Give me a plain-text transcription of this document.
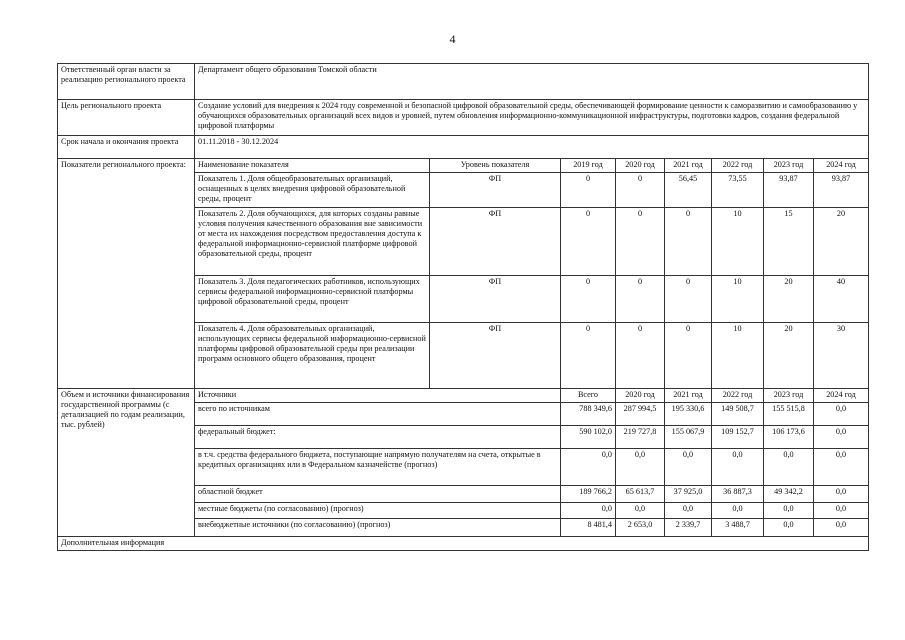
4
Ответственный орган власти за реализацию регионального проекта	Департамент общего образования Томской области							
Цель регионального проекта	Создание условий для внедрения к 2024 году современной и безопасной цифровой образовательной среды, обеспечивающей формирование ценности к саморазвитию и самообразованию у обучающихся образовательных организаций всех видов и уровней, путем обновления информационно-коммуникационной инфраструктуры, подготовки кадров, создания федеральной цифровой платформы							
Срок начала и окончания проекта	01.11.2018 - 30.12.2024							
Показатели регионального проекта:	Наименование показателя	Уровень показателя	2019 год	2020 год	2021 год	2022 год	2023 год	2024 год
	Показатель 1. Доля общеобразовательных организаций, оснащенных в целях внедрения цифровой образовательной среды, процент	ФП	0	0	56,45	73,55	93,87	93,87
	Показатель 2. Доля обучающихся, для которых созданы равные условия получения качественного образования вне зависимости от места их нахождения посредством предоставления доступа к федеральной информационно-сервисной платформе цифровой образовательной среды, процент	ФП	0	0	0	10	15	20
	Показатель 3. Доля педагогических работников, использующих сервисы федеральной информационно-сервисной платформы цифровой образовательной среды, процент	ФП	0	0	0	10	20	40
	Показатель 4. Доля образовательных организаций, использующих сервисы федеральной информационно-сервисной платформы цифровой образовательной среды при реализации программ основного общего образования, процент	ФП	0	0	0	10	20	30
Объем и источники финансирования государственной программы (с детализацией по годам реализации, тыс. рублей)	Источники		Всего	2020 год	2021 год	2022 год	2023 год	2024 год
	всего по источникам		788 349,6	287 994,5	195 330,6	149 508,7	155 515,8	0,0
	федеральный бюджет:		590 102,0	219 727,8	155 067,9	109 152,7	106 173,6	0,0
	в т.ч. средства федерального бюджета, поступающие напрямую получателям на счета, открытые в кредитных организациях или в Федеральном казначействе (прогноз)		0,0	0,0	0,0	0,0	0,0	0,0
	областной бюджет		189 766,2	65 613,7	37 925,0	36 887,3	49 342,2	0,0
	местные бюджеты (по согласованию) (прогноз)		0,0	0,0	0,0	0,0	0,0	0,0
	внебюджетные источники (по согласованию) (прогноз)		8 481,4	2 653,0	2 339,7	3 488,7	0,0	0,0
Дополнительная информация								
